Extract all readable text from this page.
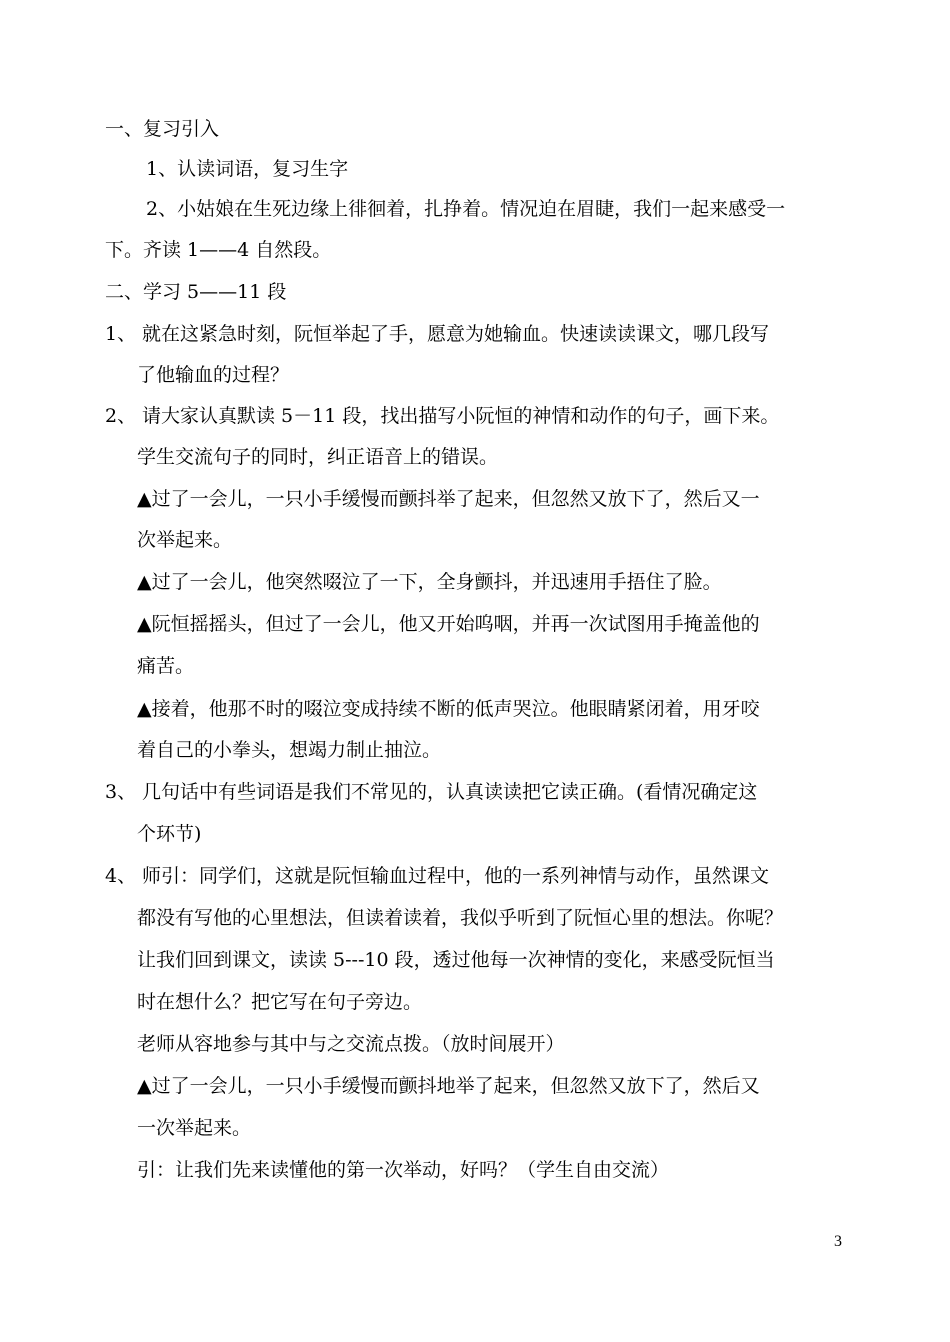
一、复习引入
1、认读词语，复习生字
2、小姑娘在生死边缘上徘徊着，扎挣着。情况迫在眉睫，我们一起来感受一
下。齐读 1——4 自然段。
二、学习 5——11 段
1、 就在这紧急时刻，阮恒举起了手，愿意为她输血。快速读读课文，哪几段写
了他输血的过程？
2、 请大家认真默读 5－11 段，找出描写小阮恒的神情和动作的句子，画下来。
学生交流句子的同时，纠正语音上的错误。
▲过了一会儿，一只小手缓慢而颤抖举了起来，但忽然又放下了，然后又一
次举起来。
▲过了一会儿，他突然啜泣了一下，全身颤抖，并迅速用手捂住了脸。
▲阮恒摇摇头，但过了一会儿，他又开始呜咽，并再一次试图用手掩盖他的
痛苦。
▲接着，他那不时的啜泣变成持续不断的低声哭泣。他眼睛紧闭着，用牙咬
着自己的小拳头，想竭力制止抽泣。
3、 几句话中有些词语是我们不常见的，认真读读把它读正确。(看情况确定这
个环节)
4、 师引：同学们，这就是阮恒输血过程中，他的一系列神情与动作，虽然课文
都没有写他的心里想法，但读着读着，我似乎听到了阮恒心里的想法。你呢？
让我们回到课文，读读 5---10 段，透过他每一次神情的变化，来感受阮恒当
时在想什么？把它写在句子旁边。
老师从容地参与其中与之交流点拨。（放时间展开）
▲过了一会儿，一只小手缓慢而颤抖地举了起来，但忽然又放下了，然后又
一次举起来。
引：让我们先来读懂他的第一次举动，好吗？（学生自由交流）
3
